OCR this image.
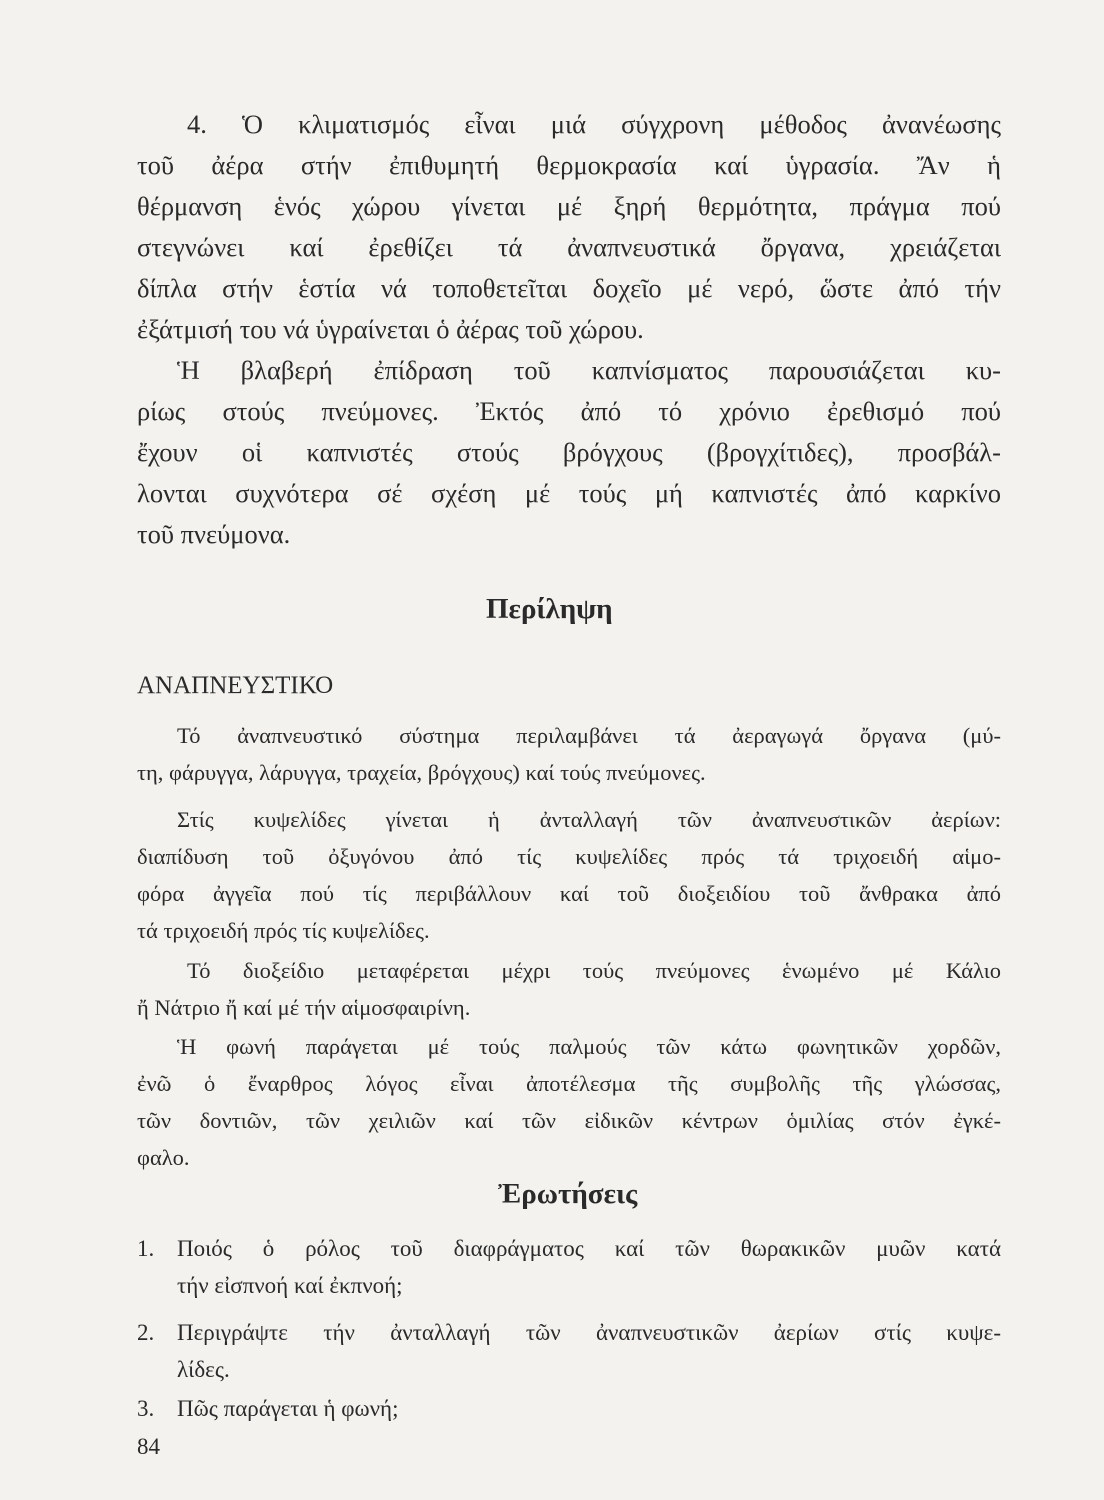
4. Ὁ κλιματισμός εἶναι μιά σύγχρονη μέθοδος ἀνανέωσης
τοῦ ἀέρα στήν ἐπιθυμητή θερμοκρασία καί ὑγρασία. Ἄν ἡ
θέρμανση ἑνός χώρου γίνεται μέ ξηρή θερμότητα, πράγμα πού
στεγνώνει καί ἐρεθίζει τά ἀναπνευστικά ὄργανα, χρειάζεται
δίπλα στήν ἑστία νά τοποθετεῖται δοχεῖο μέ νερό, ὥστε ἀπό τήν
ἐξάτμισή του νά ὑγραίνεται ὁ ἀέρας τοῦ χώρου.
Ἡ βλαβερή ἐπίδραση τοῦ καπνίσματος παρουσιάζεται κυ-
ρίως στούς πνεύμονες. Ἐκτός ἀπό τό χρόνιο ἐρεθισμό πού
ἔχουν οἱ καπνιστές στούς βρόγχους (βρογχίτιδες), προσβάλ-
λονται συχνότερα σέ σχέση μέ τούς μή καπνιστές ἀπό καρκίνο
τοῦ πνεύμονα.
Περίληψη
ΑΝΑΠΝΕΥΣΤΙΚΟ
Τό ἀναπνευστικό σύστημα περιλαμβάνει τά ἀεραγωγά ὄργανα (μύ-
τη, φάρυγγα, λάρυγγα, τραχεία, βρόγχους) καί τούς πνεύμονες.
Στίς κυψελίδες γίνεται ἡ ἀνταλλαγή τῶν ἀναπνευστικῶν ἀερίων:
διαπίδυση τοῦ ὀξυγόνου ἀπό τίς κυψελίδες πρός τά τριχοειδή αἱμο-
φόρα ἀγγεῖα πού τίς περιβάλλουν καί τοῦ διοξειδίου τοῦ ἄνθρακα ἀπό
τά τριχοειδή πρός τίς κυψελίδες.
Τό διοξείδιο μεταφέρεται μέχρι τούς πνεύμονες ἑνωμένο μέ Κάλιο
ἤ Νάτριο ἤ καί μέ τήν αἱμοσφαιρίνη.
Ἡ φωνή παράγεται μέ τούς παλμούς τῶν κάτω φωνητικῶν χορδῶν,
ἐνῶ ὁ ἔναρθρος λόγος εἶναι ἀποτέλεσμα τῆς συμβολῆς τῆς γλώσσας,
τῶν δοντιῶν, τῶν χειλιῶν καί τῶν εἰδικῶν κέντρων ὁμιλίας στόν ἐγκέ-
φαλο.
Ἐρωτήσεις
1. Ποιός ὁ ρόλος τοῦ διαφράγματος καί τῶν θωρακικῶν μυῶν κατά
τήν εἰσπνοή καί ἐκπνοή;
2. Περιγράψτε τήν ἀνταλλαγή τῶν ἀναπνευστικῶν ἀερίων στίς κυψε-
λίδες.
3. Πῶς παράγεται ἡ φωνή;
84
